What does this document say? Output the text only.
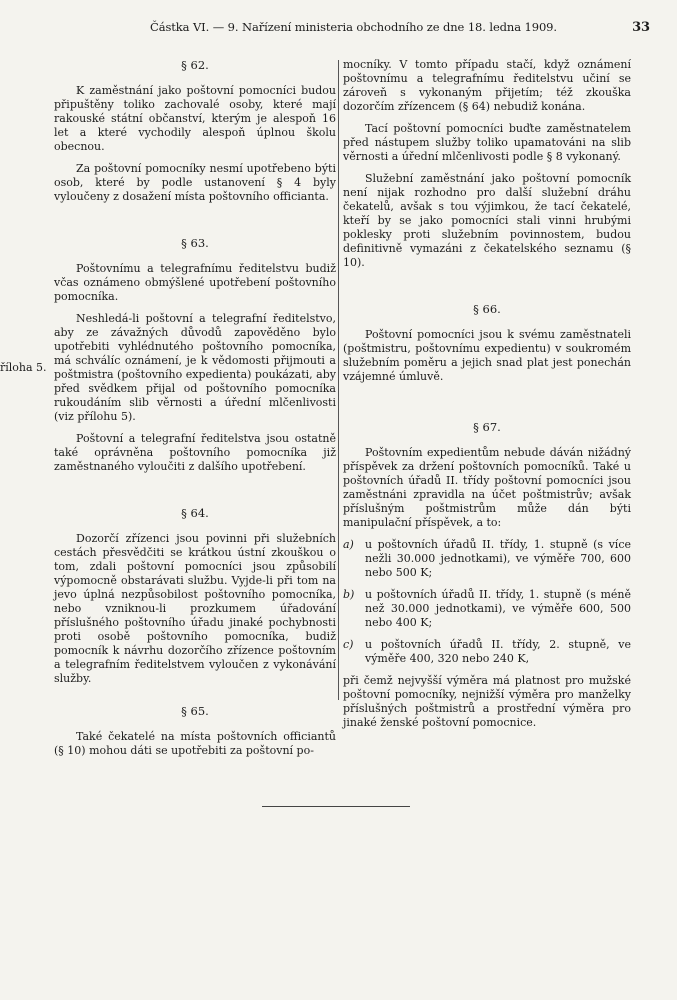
Částka VI. — 9. Nařízení ministeria obchodního ze dne 18. ledna 1909.	33
říloha 5.
§ 62.

K zaměstnání jako poštovní pomocníci budou připuštěny toliko zachovalé osoby, které mají rakouské státní občanství, kterým je alespoň 16 let a které vychodily alespoň úplnou školu obecnou.

Za poštovní pomocníky nesmí upotřebeno býti osob, které by podle ustanovení § 4 byly vyloučeny z dosažení místa poštovního officianta.

§ 63.

Poštovnímu a telegrafnímu ředitelstvu budiž včas oznámeno obmýšlené upotřebení poštovního pomocníka.

Neshledá-li poštovní a telegrafní ředitelstvo, aby ze závažných důvodů zapověděno bylo upotřebiti vyhlédnutého poštovního pomocníka, má schválíc oznámení, je k vědomosti přijmouti a poštmistra (poštovního expedienta) poukázati, aby před svědkem přijal od poštovního pomocníka rukoudáním slib věrnosti a úřední mlčenlivosti (viz přílohu 5).

Poštovní a telegrafní ředitelstva jsou ostatně také oprávněna poštovního pomocníka již zaměstnaného vyloučiti z dalšího upotřebení.

§ 64.

Dozorčí zřízenci jsou povinni při služebních cestách přesvědčiti se krátkou ústní zkouškou o tom, zdali poštovní pomocníci jsou způsobilí výpomocně obstarávati službu. Vyjde-li při tom na jevo úplná nezpůsobilost poštovního pomocníka, nebo vzniknou-li prozkumem úřadování příslušného poštovního úřadu jinaké pochybnosti proti osobě poštovního pomocníka, budiž pomocník k návrhu dozorčího zřízence poštovním a telegrafním ředitelstvem vyloučen z vykonávání služby.

§ 65.

Také čekatelé na místa poštovních officiantů (§ 10) mohou dáti se upotřebiti za poštovní po-

mocníky. V tomto případu stačí, když oznámení poštovnímu a telegrafnímu ředitelstvu učiní se zároveň s vykonaným přijetím; též zkouška dozorčím zřízencem (§ 64) nebudiž konána.

Tací poštovní pomocníci buďte zaměstnatelem před nástupem služby toliko upamatováni na slib věrnosti a úřední mlčenlivosti podle § 8 vykonaný.

Služební zaměstnání jako poštovní pomocník není nijak rozhodno pro další služební dráhu čekatelů, avšak s tou výjimkou, že tací čekatelé, kteří by se jako pomocníci stali vinni hrubými poklesky proti služebním povinnostem, budou definitivně vymazáni z čekatelského seznamu (§ 10).

§ 66.

Poštovní pomocníci jsou k svému zaměstnateli (poštmistru, poštovnímu expedientu) v soukromém služebním poměru a jejich snad plat jest ponechán vzájemné úmluvě.

§ 67.

Poštovním expedientům nebude dáván nižádný příspěvek za držení poštovních pomocníků. Také u poštovních úřadů II. třídy poštovní pomocníci jsou zaměstnáni zpravidla na účet poštmistrův; avšak příslušným poštmistrům může dán býti manipulační příspěvek, a to:

a) u poštovních úřadů II. třídy, 1. stupně (s více nežli 30.000 jednotkami), ve výměře 700, 600 nebo 500 K;
b) u poštovních úřadů II. třídy, 1. stupně (s méně než 30.000 jednotkami), ve výměře 600, 500 nebo 400 K;
c) u poštovních úřadů II. třídy, 2. stupně, ve výměře 400, 320 nebo 240 K,

při čemž nejvyšší výměra má platnost pro mužské poštovní pomocníky, nejnižší výměra pro manželky příslušných poštmistrů a prostřední výměra pro jinaké ženské poštovní pomocnice.
